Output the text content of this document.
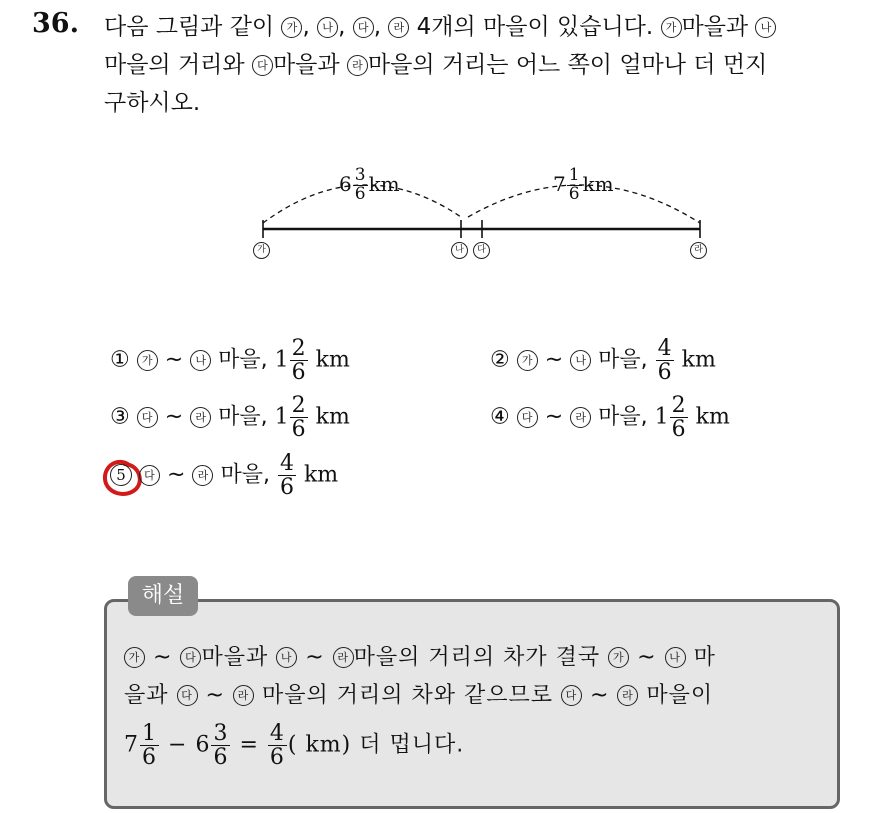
36. 다음 그림과 같이 가 , 나 , 다 , 라 4개의 마을이 있습니다. 가 마을과 나
마을의 거리와 다 마을과 라 마을의 거리는 어느 쪽이 얼마나 더 먼지
구하시오.
$6 \frac{3}{6}$ km	$7 \frac{1}{6}$ km
가	나	다	라
① 가 ~ 나 마을, $1 \frac{2}{6}$ km	② 가 ~ 나 마을, $\frac{4}{6}$ km
③ 다 ~ 라 마을, $1 \frac{2}{6}$ km	④ 다 ~ 라 마을, $1 \frac{2}{6}$ km
5 다 ~ 라 마을, $\frac{4}{6}$ km
해설
가 ~ 다 마을과 나 ~ 라 마을의 거리의 차가 결국 가 ~ 나 마
을과 다 ~ 라 마을의 거리의 차와 같으므로 다 ~ 라 마을이
$7 \frac{1}{6} - 6 \frac{3}{6} = \frac{4}{6}$ ( km) 더 멉니다.
